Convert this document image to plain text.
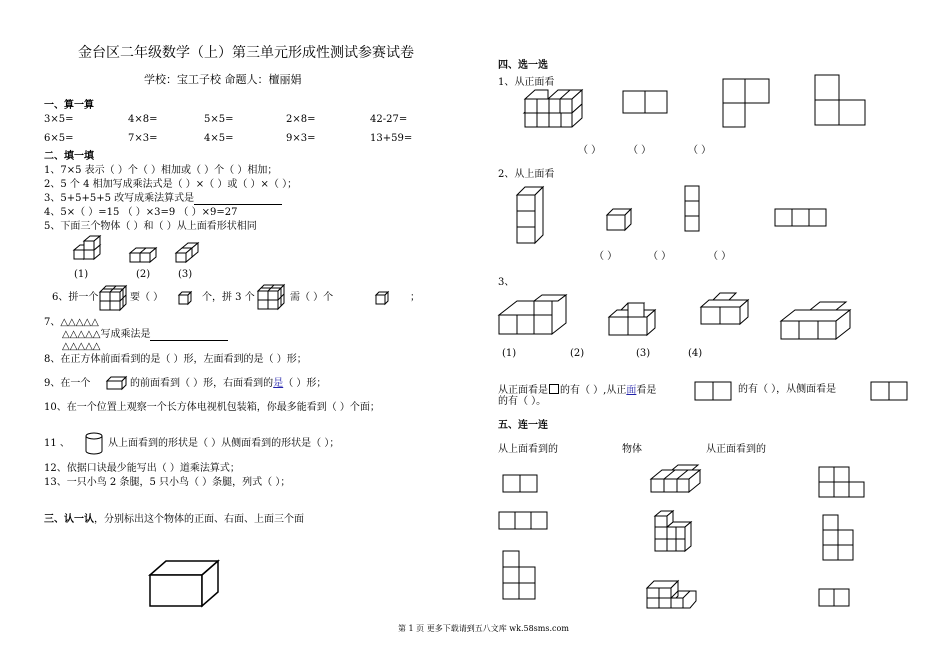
金台区二年级数学（上）第三单元形成性测试参赛试卷
学校：宝工子校 命题人：檀丽娟
一、算一算
3×5=	4×8=	5×5=	2×8=	42-27=
6×5=	7×3=	4×5=	9×3=	13+59=
二、填一填
1、7×5 表示（ ）个（ ）相加或（ ）个（ ）相加；
2、5 个 4 相加写成乘法式是（ ）×（ ）或（ ）×（ ）；
3、5+5+5+5 改写成乘法算式是
4、5×（ ）=15 （ ）×3=9 （ ）×9=27
5、下面三个物体（ ）和（ ）从上面看形状相同
(1)	(2)	(3)
6、拼一个	要（ ）	个，拼 3 个	需（ ）个	；
7、△△△△△
△△△△△写成乘法是
△△△△△
8、在正方体前面看到的是（ ）形，左面看到的是（ ）形；
9、在一个	的前面看到（ ）形，右面看到的是（ ）形；
10、在一个位置上观察一个长方体电视机包装箱，你最多能看到（ ）个面；
11 、	从上面看到的形状是（ ）从侧面看到的形状是（ ）；
12、依据口诀最少能写出（ ）道乘法算式；
13、一只小鸟 2 条腿，5 只小鸟（ ）条腿，列式（ ）；
三、认一认，分别标出这个物体的正面、右面、上面三个面
四、选一选
1、从正面看
（ ）	（ ）	（ ）
2、从上面看
（ ）	（ ）	（ ）
3、
(1)	(2)	(3)	(4)
从正面看是 的有（ ）,从正面看是	的有（ ），从侧面看是
的有（ ）。
五、连一连
从上面看到的	物体	从正面看到的
第 1 页 更多下载请到五八文库 wk.58sms.com
